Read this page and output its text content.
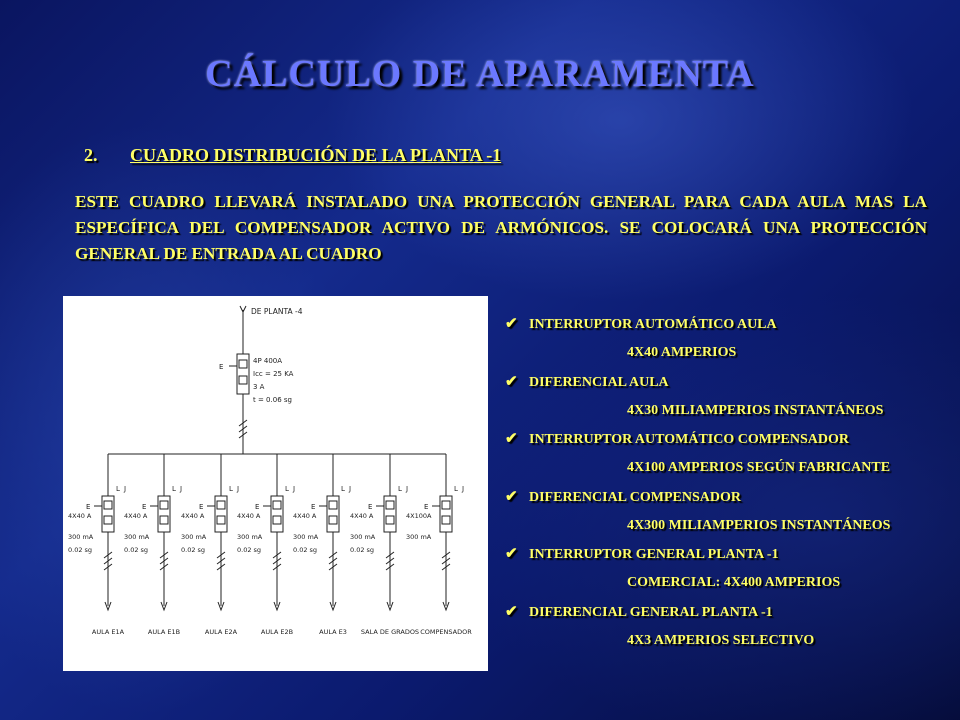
CÁLCULO DE APARAMENTA
2. CUADRO DISTRIBUCIÓN DE LA PLANTA -1
ESTE CUADRO LLEVARÁ INSTALADO UNA PROTECCIÓN GENERAL PARA CADA AULA MAS LA ESPECÍFICA DEL COMPENSADOR ACTIVO DE ARMÓNICOS. SE COLOCARÁ UNA PROTECCIÓN GENERAL DE ENTRADA AL CUADRO
DE PLANTA -4
E
4P 400A
Icc = 25 KA
3 A
t = 0.06 sg
E
L J
4X40 A
300 mA
0.02 sg
AULA E1A
E
L J
4X40 A
300 mA
0.02 sg
AULA E1B
E
L J
4X40 A
300 mA
0.02 sg
AULA E2A
E
L J
4X40 A
300 mA
0.02 sg
AULA E2B
E
L J
4X40 A
300 mA
0.02 sg
AULA E3
E
L J
4X40 A
300 mA
0.02 sg
SALA DE GRADOS
E
L J
4X100A
300 mA
COMPENSADOR
✔ INTERRUPTOR AUTOMÁTICO AULA
4X40 AMPERIOS
✔ DIFERENCIAL AULA
4X30 MILIAMPERIOS INSTANTÁNEOS
✔ INTERRUPTOR AUTOMÁTICO COMPENSADOR
4X100 AMPERIOS SEGÚN FABRICANTE
✔ DIFERENCIAL COMPENSADOR
4X300 MILIAMPERIOS INSTANTÁNEOS
✔ INTERRUPTOR GENERAL PLANTA -1
COMERCIAL: 4X400 AMPERIOS
✔ DIFERENCIAL GENERAL PLANTA -1
4X3 AMPERIOS SELECTIVO
